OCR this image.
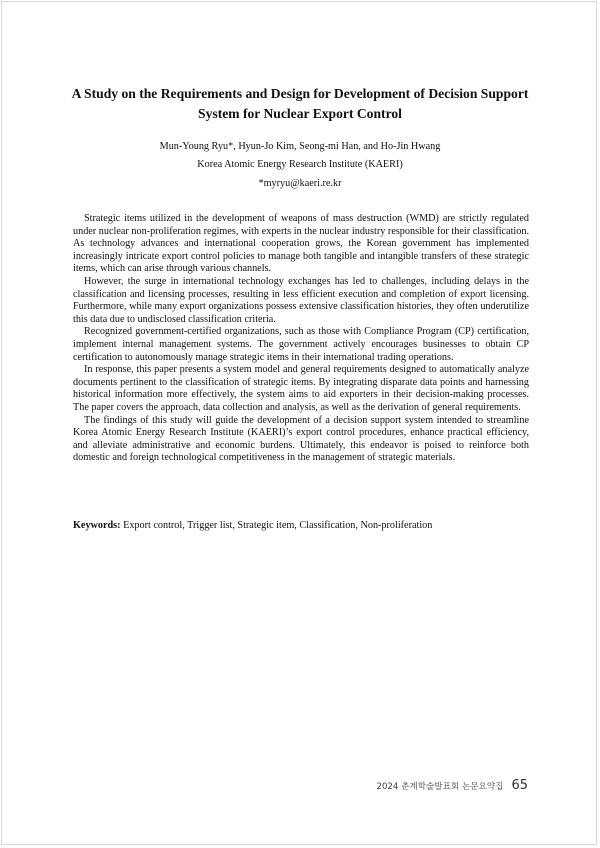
A Study on the Requirements and Design for Development of Decision Support System for Nuclear Export Control

Mun-Young Ryu*, Hyun-Jo Kim, Seong-mi Han, and Ho-Jin Hwang

Korea Atomic Energy Research Institute (KAERI)

*myryu@kaeri.re.kr

Strategic items utilized in the development of weapons of mass destruction (WMD) are strictly regulated under nuclear non-proliferation regimes, with experts in the nuclear industry responsible for their classification. As technology advances and international cooperation grows, the Korean government has implemented increasingly intricate export control policies to manage both tangible and intangible transfers of these strategic items, which can arise through various channels.

However, the surge in international technology exchanges has led to challenges, including delays in the classification and licensing processes, resulting in less efficient execution and completion of export licensing. Furthermore, while many export organizations possess extensive classification histories, they often underutilize this data due to undisclosed classification criteria.

Recognized government-certified organizations, such as those with Compliance Program (CP) certification, implement internal management systems. The government actively encourages businesses to obtain CP certification to autonomously manage strategic items in their international trading operations.

In response, this paper presents a system model and general requirements designed to automatically analyze documents pertinent to the classification of strategic items. By integrating disparate data points and harnessing historical information more effectively, the system aims to aid exporters in their decision-making processes. The paper covers the approach, data collection and analysis, as well as the derivation of general requirements.

The findings of this study will guide the development of a decision support system intended to streamline Korea Atomic Energy Research Institute (KAERI)’s export control procedures, enhance practical efficiency, and alleviate administrative and economic burdens. Ultimately, this endeavor is poised to reinforce both domestic and foreign technological competitiveness in the management of strategic materials.

Keywords: Export control, Trigger list, Strategic item, Classification, Non-proliferation

2024 춘계학술발표회 논문요약집 65
